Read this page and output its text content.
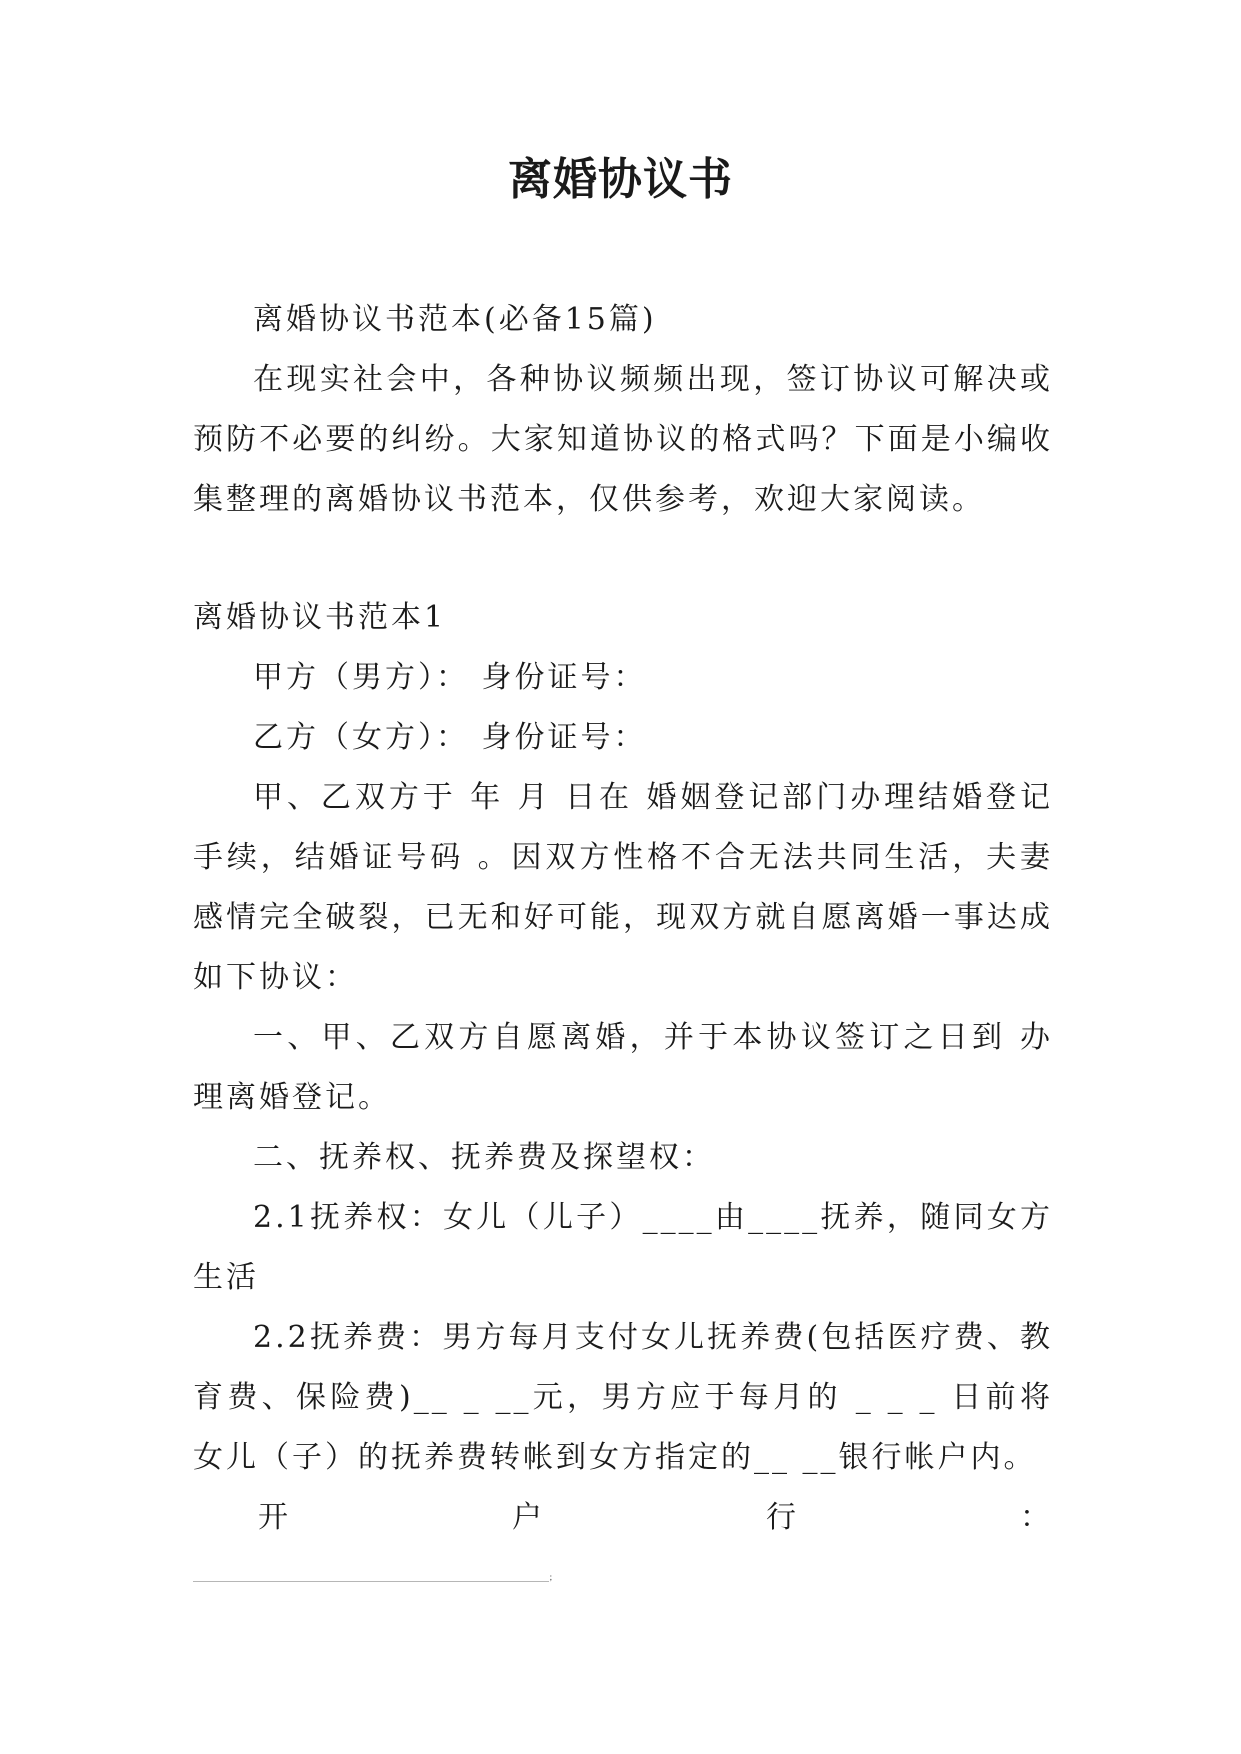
离婚协议书

离婚协议书范本(必备15篇)

在现实社会中，各种协议频频出现，签订协议可解决或预防不必要的纠纷。大家知道协议的格式吗？下面是小编收集整理的离婚协议书范本，仅供参考，欢迎大家阅读。

离婚协议书范本1

甲方（男方）： 身份证号：

乙方（女方）： 身份证号：

甲、乙双方于 年 月 日在 婚姻登记部门办理结婚登记手续，结婚证号码 。因双方性格不合无法共同生活，夫妻感情完全破裂，已无和好可能，现双方就自愿离婚一事达成如下协议：

一、甲、乙双方自愿离婚，并于本协议签订之日到 办理离婚登记。

二、抚养权、抚养费及探望权：

2.1抚养权：女儿（儿子）____由____抚养，随同女方生活

2.2抚养费：男方每月支付女儿抚养费(包括医疗费、教育费、保险费)__ _ __元，男方应于每月的 _ _ _ 日前将女儿（子）的抚养费转帐到女方指定的__ __银行帐户内。

开	户	行	：

_________________________________________________________________________________________；
